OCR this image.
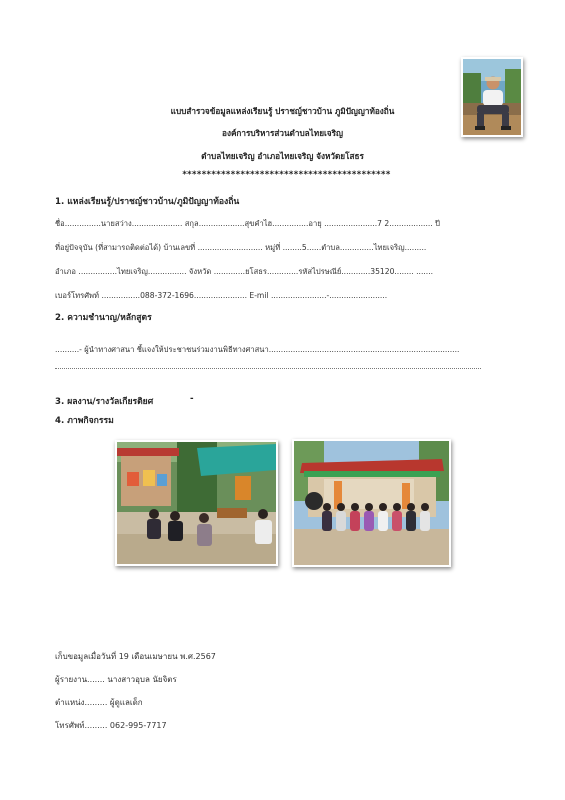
แบบสำรวจข้อมูลแหล่งเรียนรู้ ปราชญ์ชาวบ้าน ภูมิปัญญาท้องถิ่น
องค์การบริหารส่วนตำบลไทยเจริญ
ตำบลไทยเจริญ อำเภอไทยเจริญ จังหวัดยโสธร
*******************************************
1. แหล่งเรียนรู้/ปราชญ์ชาวบ้าน/ภูมิปัญญาท้องถิ่น
ชื่อ...............นายสว่าง..................... สกุล...................สุขคำไฮ...............อายุ ......................7 2.................. ปี
ที่อยู่ปัจจุบัน (ที่สามารถติดต่อได้) บ้านเลขที่ ........................... หมู่ที่ ........5......ตำบล..............ไทยเจริญ.........
อำเภอ ................ไทยเจริญ................ จังหวัด .............ยโสธร.............รหัสไปรษณีย์............35120........ .......
เบอร์โทรศัพท์ ................088-372-1696...................... E-mil .......................-........................
2. ความชำนาญ/หลักสูตร
..........- ผู้นำทางศาสนา ชี้แจงให้ประชาชนร่วมงานพิธีทางศาสนา...............................................................................
3. ผลงาน/รางวัลเกียรติยศ	-
4. ภาพกิจกรรม
เก็บขอมูลเมื่อวันที่ 19 เดือนเมษายน พ.ศ.2567
ผู้รายงาน....... นางสาวอุบล นัยจิตร
ตำแหน่ง......... ผู้ดูแลเด็ก
โทรศัพท์......... 062-995-7717
